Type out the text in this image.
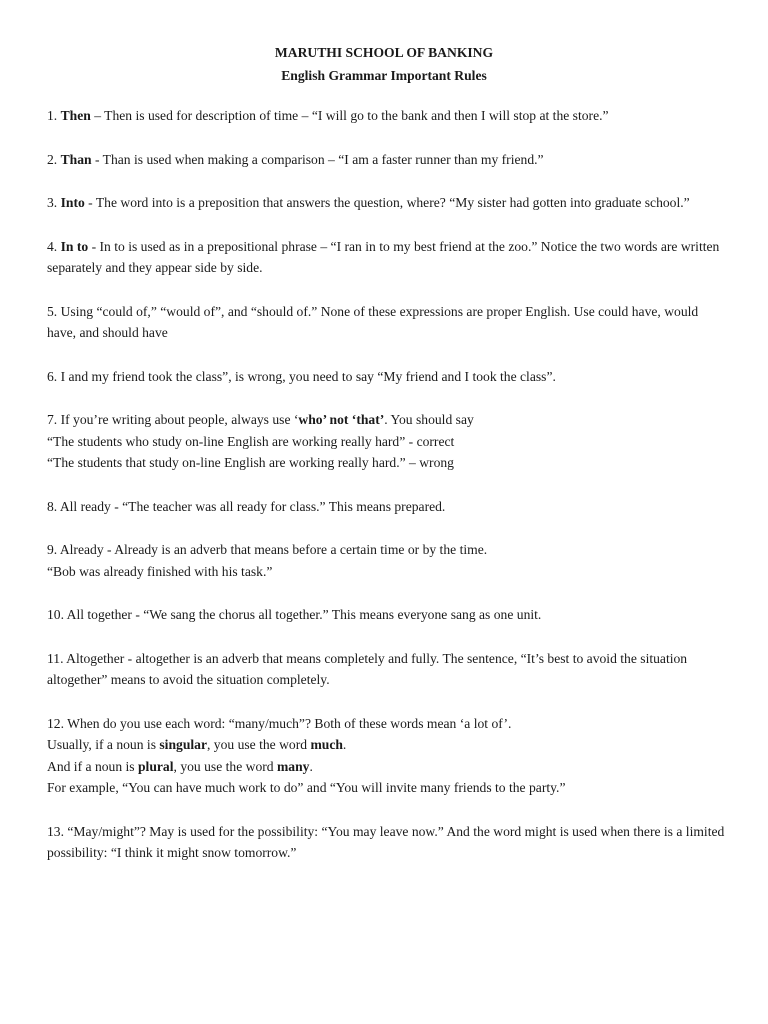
MARUTHI SCHOOL OF BANKING
English Grammar Important Rules

1. Then – Then is used for description of time – “I will go to the bank and then I will stop at the store.”

2. Than - Than is used when making a comparison – “I am a faster runner than my friend.”

3. Into - The word into is a preposition that answers the question, where? “My sister had gotten into graduate school.”

4. In to - In to is used as in a prepositional phrase – “I ran in to my best friend at the zoo.” Notice the two words are written separately and they appear side by side.

5. Using “could of,” “would of”, and “should of.” None of these expressions are proper English. Use could have, would have, and should have

6. I and my friend took the class”, is wrong, you need to say “My friend and I took the class”.

7. If you’re writing about people, always use ‘who’ not ‘that’. You should say

“The students who study on-line English are working really hard” - correct

“The students that study on-line English are working really hard.” – wrong

8. All ready - “The teacher was all ready for class.” This means prepared.

9. Already - Already is an adverb that means before a certain time or by the time.

“Bob was already finished with his task.”

10. All together - “We sang the chorus all together.” This means everyone sang as one unit.

11. Altogether - altogether is an adverb that means completely and fully. The sentence, “It’s best to avoid the situation altogether” means to avoid the situation completely.

12. When do you use each word: “many/much”? Both of these words mean ‘a lot of’.

Usually, if a noun is singular, you use the word much.

And if a noun is plural, you use the word many.

For example, “You can have much work to do” and “You will invite many friends to the party.”

13. “May/might”? May is used for the possibility: “You may leave now.” And the word might is used when there is a limited possibility: “I think it might snow tomorrow.”
